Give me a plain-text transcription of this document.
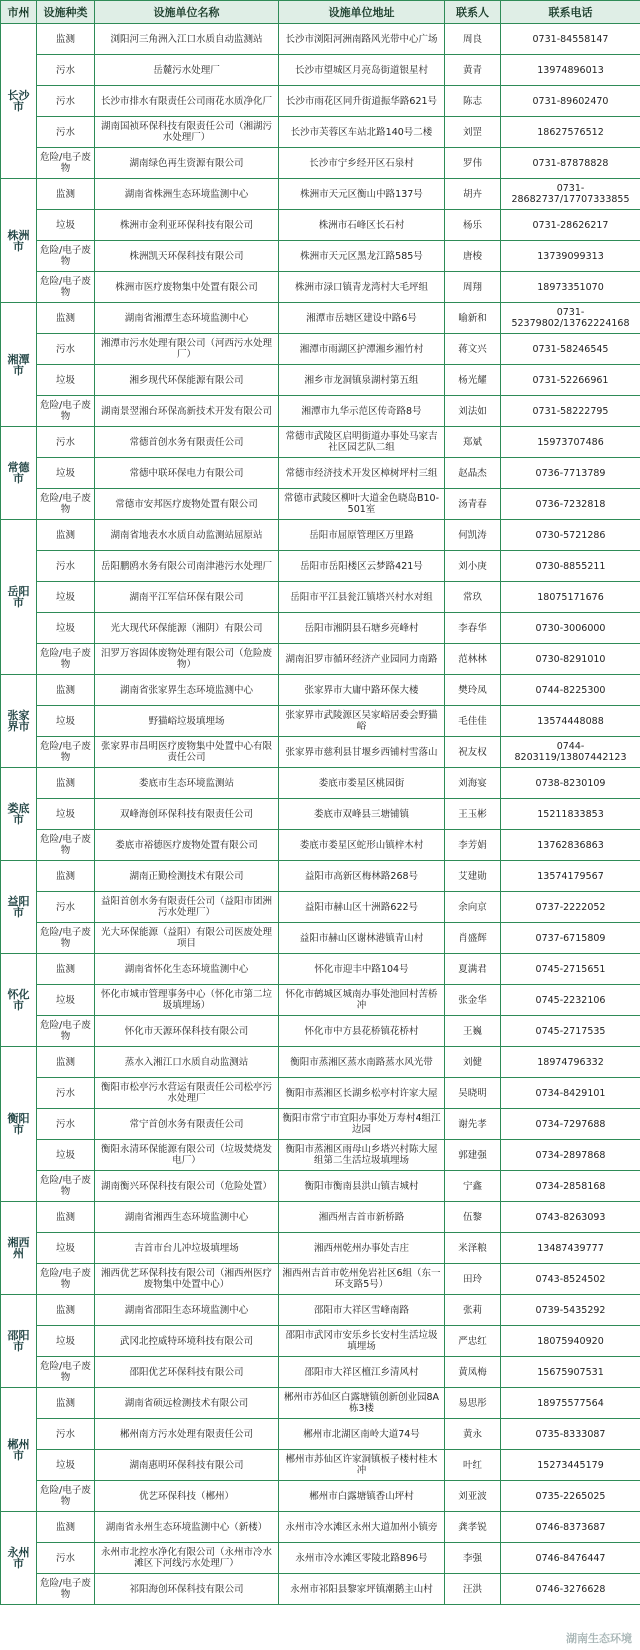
市州	设施种类	设施单位名称	设施单位地址	联系人	联系电话
长沙市	监测	浏阳河三角洲入江口水质自动监测站	长沙市浏阳河洲南路风光带中心广场	周良	0731-84558147
	污水	岳麓污水处理厂	长沙市望城区月亮岛街道银星村	黄青	13974896013
	污水	长沙市排水有限责任公司雨花水质净化厂	长沙市雨花区同升街道振华路621号	陈志	0731-89602470
	污水	湖南国祯环保科技有限责任公司（湘湖污水处理厂）	长沙市芙蓉区车站北路140号二楼	刘罡	18627576512
	危险/电子废物	湖南绿色再生资源有限公司	长沙市宁乡经开区石泉村	罗伟	0731-87878828
株洲市	监测	湖南省株洲生态环境监测中心	株洲市天元区衡山中路137号	胡卉	0731-28682737/17707333855
	垃圾	株洲市金利亚环保科技有限公司	株洲市石峰区长石村	杨乐	0731-28626217
	危险/电子废物	株洲凯天环保科技有限公司	株洲市天元区黑龙江路585号	唐梭	13739099313
	危险/电子废物	株洲市医疗废物集中处置有限公司	株洲市渌口镇青龙湾村大毛坪组	周翔	18973351070
湘潭市	监测	湖南省湘潭生态环境监测中心	湘潭市岳塘区建设中路6号	喻新和	0731-52379802/13762224168
	污水	湘潭市污水处理有限公司（河西污水处理厂）	湘潭市雨湖区护潭湘乡湘竹村	蒋文兴	0731-58246545
	垃圾	湘乡现代环保能源有限公司	湘乡市龙洞镇泉湖村第五组	杨光耀	0731-52266961
	危险/电子废物	湖南景翌湘台环保高新技术开发有限公司	湘潭市九华示范区传奇路8号	刘法如	0731-58222795
常德市	污水	常德首创水务有限责任公司	常德市武陵区启明街道办事处马家吉社区园艺队二组	郑斌	15973707486
	垃圾	常德中联环保电力有限公司	常德市经济技术开发区樟树坪村三组	赵晶杰	0736-7713789
	危险/电子废物	常德市安邦医疗废物处置有限公司	常德市武陵区柳叶大道金色晓岛B10-501室	汤青春	0736-7232818
岳阳市	监测	湖南省地表水水质自动监测站屈原站	岳阳市屈原管理区万里路	何凯涛	0730-5721286
	污水	岳阳鹏鸥水务有限公司南津港污水处理厂	岳阳市岳阳楼区云梦路421号	刘小庚	0730-8855211
	垃圾	湖南平江军信环保有限公司	岳阳市平江县瓮江镇塔兴村水对组	常玖	18075171676
	垃圾	光大现代环保能源（湘阴）有限公司	岳阳市湘阴县石塘乡亮峰村	李春华	0730-3006000
	危险/电子废物	汨罗万容固体废物处理有限公司（危险废物）	湖南汨罗市循环经济产业园同力南路	范林林	0730-8291010
张家界市	监测	湖南省张家界生态环境监测中心	张家界市大庸中路环保大楼	樊玲凤	0744-8225300
	垃圾	野猫峪垃圾填埋场	张家界市武陵源区吴家峪居委会野猫峪	毛佳佳	13574448088
	危险/电子废物	张家界市昌明医疗废物集中处置中心有限责任公司	张家界市慈利县甘堰乡西铺村雪落山	祝友权	0744-8203119/13807442123
娄底市	监测	娄底市生态环境监测站	娄底市娄星区桃园街	刘海宴	0738-8230109
	垃圾	双峰海创环保科技有限责任公司	娄底市双峰县三塘铺镇	王玉彬	15211833853
	危险/电子废物	娄底市裕德医疗废物处置有限公司	娄底市娄星区蛇形山镇梓木村	李芳娟	13762836863
益阳市	监测	湖南正勤检测技术有限公司	益阳市高新区梅林路268号	艾建勋	13574179567
	污水	益阳首创水务有限责任公司（益阳市团洲污水处理厂）	益阳市赫山区十洲路622号	余向京	0737-2222052
	危险/电子废物	光大环保能源（益阳）有限公司医废处理项目	益阳市赫山区谢林港镇青山村	肖盛辉	0737-6715809
怀化市	监测	湖南省怀化生态环境监测中心	怀化市迎丰中路104号	夏满君	0745-2715651
	垃圾	怀化市城市管理事务中心（怀化市第二垃圾填埋场）	怀化市鹤城区城南办事处池回村苦桥冲	张金华	0745-2232106
	危险/电子废物	怀化市天源环保科技有限公司	怀化市中方县花桥镇花桥村	王巍	0745-2717535
衡阳市	监测	蒸水入湘江口水质自动监测站	衡阳市蒸湘区蒸水南路蒸水风光带	刘健	18974796332
	污水	衡阳市松亭污水营运有限责任公司松亭污水处理厂	衡阳市蒸湘区长湖乡松亭村许家大屋	吴晓明	0734-8429101
	污水	常宁首创水务有限责任公司	衡阳市常宁市宜阳办事处万寿村4组江边园	谢先孝	0734-7297688
	垃圾	衡阳永清环保能源有限公司（垃圾焚烧发电厂）	衡阳市蒸湘区雨母山乡塔兴村陈大屋组第二生活垃圾填埋场	郭建强	0734-2897868
	危险/电子废物	湖南衡兴环保科技有限公司（危险处置）	衡阳市衡南县洪山镇吉城村	宁鑫	0734-2858168
湘西州	监测	湖南省湘西生态环境监测中心	湘西州吉首市新桥路	伍黎	0743-8263093
	垃圾	吉首市台儿冲垃圾填埋场	湘西州乾州办事处吉庄	米泽粮	13487439777
	危险/电子废物	湘西优艺环保科技有限公司（湘西州医疗废物集中处置中心）	湘西州吉首市乾州免岩社区6组（东一环支路5号）	田玲	0743-8524502
邵阳市	监测	湖南省邵阳生态环境监测中心	邵阳市大祥区雪峰南路	张莉	0739-5435292
	垃圾	武冈北控威特环境科技有限公司	邵阳市武冈市安乐乡长安村生活垃圾填埋场	严忠红	18075940920
	危险/电子废物	邵阳优艺环保科技有限公司	邵阳市大祥区檀江乡清风村	黄凤梅	15675907531
郴州市	监测	湖南省硕远检测技术有限公司	郴州市苏仙区白露塘镇创新创业园8A栋3楼	易思彤	18975577564
	污水	郴州南方污水处理有限责任公司	郴州市北湖区南岭大道74号	黄永	0735-8333087
	垃圾	湖南惠明环保科技有限公司	郴州市苏仙区许家洞镇板子楼村桂木冲	叶红	15273445179
	危险/电子废物	优艺环保科技（郴州）	郴州市白露塘镇香山坪村	刘亚波	0735-2265025
永州市	监测	湖南省永州生态环境监测中心（新楼）	永州市冷水滩区永州大道加州小镇旁	龚孝锐	0746-8373687
	污水	永州市北控水净化有限公司（永州市冷水滩区下河线污水处理厂）	永州市冷水滩区零陵北路896号	李强	0746-8476447
	危险/电子废物	祁阳海创环保科技有限公司	永州市祁阳县黎家坪镇潮鹅主山村	汪洪	0746-3276628
湖南生态环境
